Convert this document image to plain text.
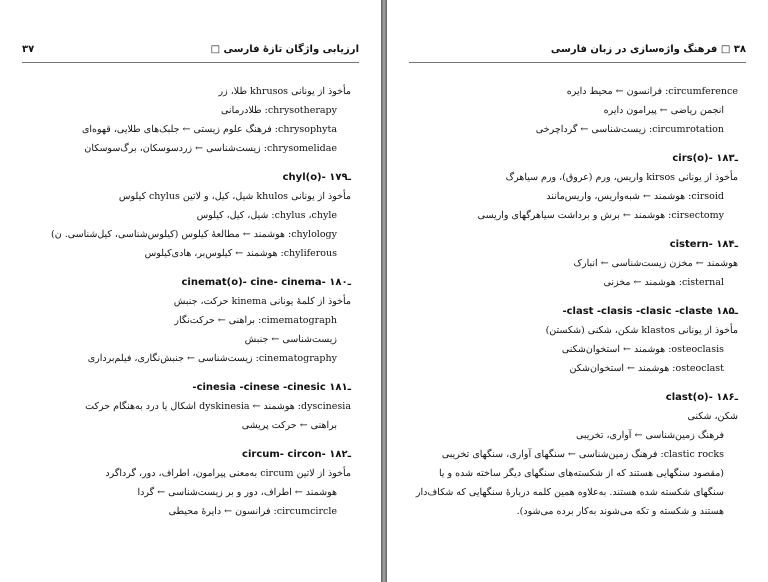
ارزیابی واژگان تازهٔ فارسی □
۳۷
مأخوذ از یونانی khrusos طلا، زر
chrysotherapy: طلادرمانی
chrysophyta: فرهنگ علوم زیستی ← جلبک‌های طلایی، قهوه‌ای
chrysomelidae: زیست‌شناسی ← زردسوسکان، برگ‌سوسکان
chyl(o)- ۱۷۹ـ
مأخوذ از یونانی khulos شیل، کیل، و لاتین chylus کیلوس
chylus ،chyle: شیل، کیل، کیلوس
chylology: هوشمند ← مطالعهٔ کیلوس (کیلوس‌شناسی، کیل‌شناسی. ن)
chyliferous: هوشمند ← کیلوس‌بر، هادی‌کیلوس
cinemat(o)- cine- cinema- ۱۸۰ـ
مأخوذ از کلمهٔ یونانی kinema حرکت، جنبش
cimematograph: براهنی ← حرکت‌نگار
زیست‌شناسی ← جنبش
cinematography: زیست‌شناسی ← جنبش‌نگاری، فیلم‌برداری
-cinesia -cinese -cinesic ۱۸۱ـ
dyscinesia: هوشمند ← dyskinesia اشکال یا درد به‌هنگام حرکت
براهنی ← حرکت پریشی
circum- circon- ۱۸۲ـ
مأخوذ از لاتین circum به‌معنی پیرامون، اطراف، دور، گرداگرد
هوشمند ← اطراف، دور و بر زیست‌شناسی ← گردا
circumcircle: فرانسون ← دایرهٔ محیطی
۳۸ □ فرهنگ واژه‌سازی در زبان فارسی
circumference: فرانسون ← محیط دایره
انجمن ریاضی ← پیرامون دایره
circumrotation: زیست‌شناسی ← گرداچرخی
cirs(o)- ۱۸۳ـ
مأخوذ از یونانی kirsos واریس، ورم (عروق)، ورم سیاهرگ
cirsoid: هوشمند ← شبه‌واریس، واریس‌مانند
cirsectomy: هوشمند ← برش و برداشت سیاهرگهای واریسی
cistern- ۱۸۴ـ
هوشمند ← مخزن زیست‌شناسی ← انبارک
cisternal: هوشمند ← مخزنی
-clast -clasis -clasic -claste ۱۸۵ـ
مأخوذ از یونانی klastos شکن، شکنی (شکستن)
osteoclasis: هوشمند ← استخوان‌شکنی
osteoclast: هوشمند ← استخوان‌شکن
clast(o)- ۱۸۶ـ
شکن، شکنی
فرهنگ زمین‌شناسی ← آواری، تخریبی
clastic rocks: فرهنگ زمین‌شناسی ← سنگهای آواری، سنگهای تخریبی
(مقصود سنگهایی هستند که از شکسته‌های سنگهای دیگر ساخته شده و یا
سنگهای شکسته شده هستند. به‌علاوه همین کلمه دربارهٔ سنگهایی که شکاف‌دار
هستند و شکسته و تکه می‌شوند به‌کار برده می‌شود).
